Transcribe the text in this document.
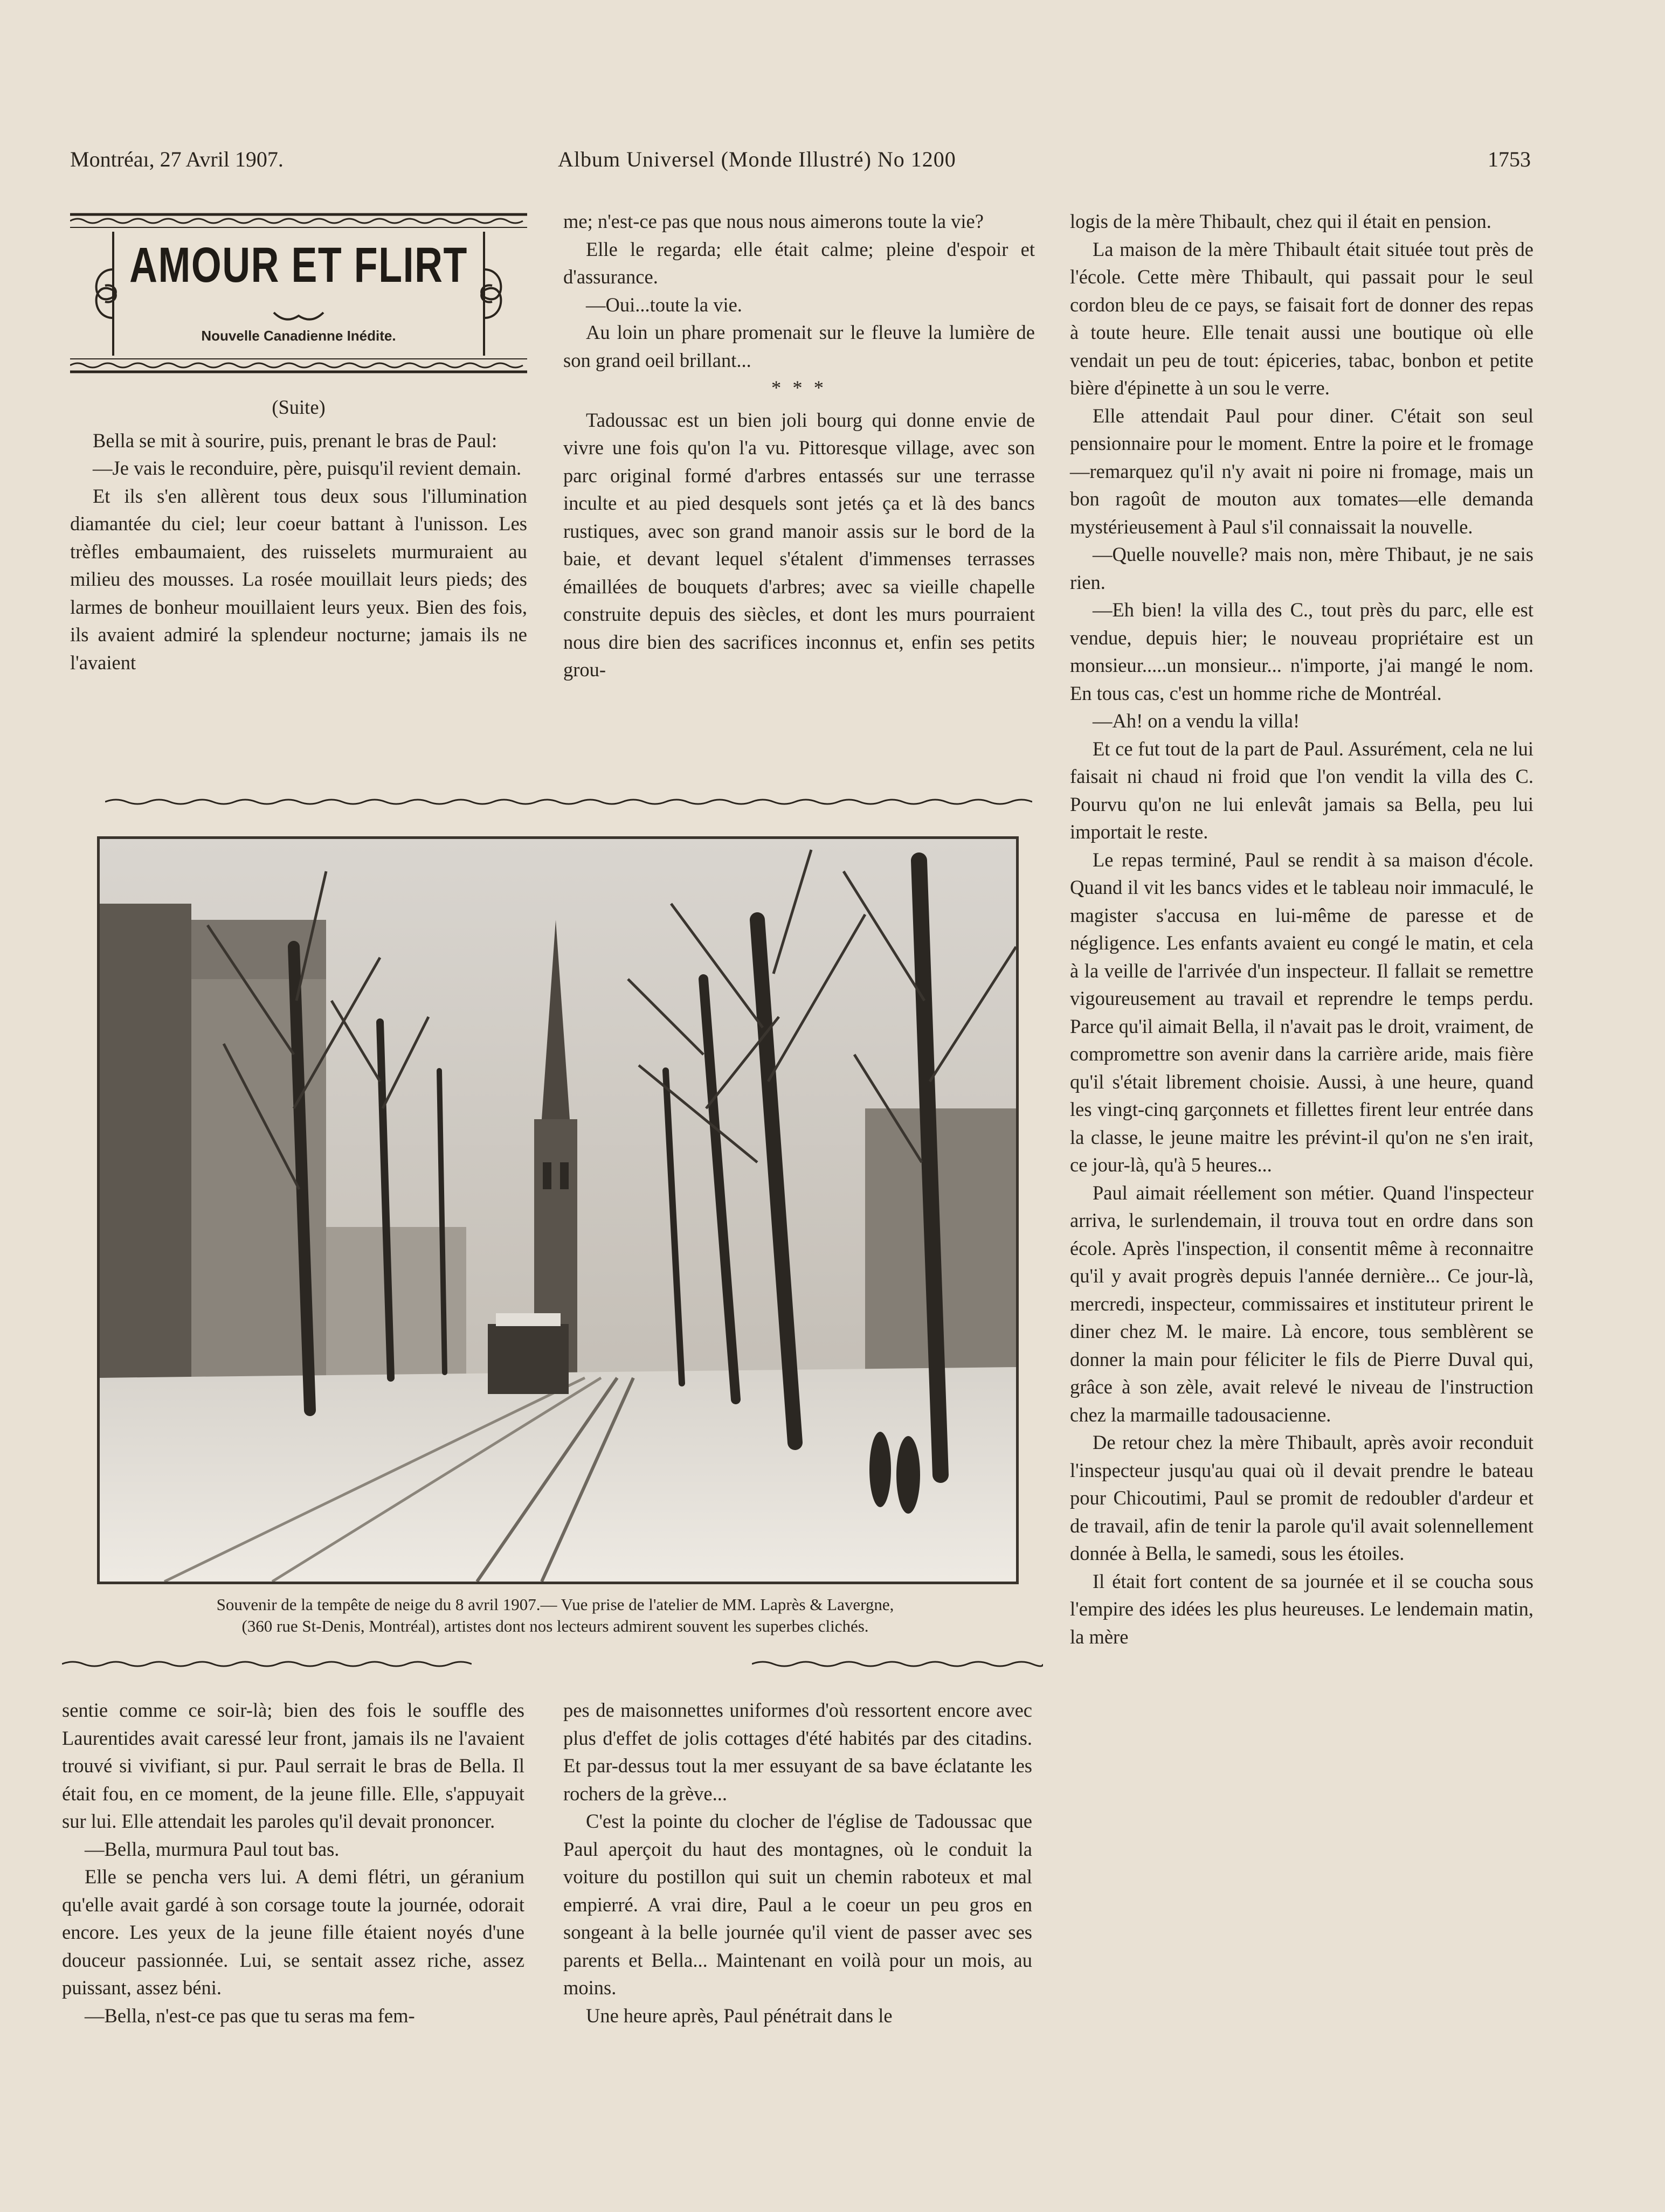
Montréaı, 27 Avril 1907.	Album Universel (Monde Illustré) No 1200	1753
AMOUR ET FLIRT
Nouvelle Canadienne Inédite.

(Suite)

Bella se mit à sourire, puis, prenant le bras de Paul:

—Je vais le reconduire, père, puisqu'il revient demain.

Et ils s'en allèrent tous deux sous l'illumination diamantée du ciel; leur coeur battant à l'unisson. Les trèfles embaumaient, des ruisselets murmuraient au milieu des mousses. La rosée mouillait leurs pieds; des larmes de bonheur mouillaient leurs yeux. Bien des fois, ils avaient admiré la splendeur nocturne; jamais ils ne l'avaient

me; n'est-ce pas que nous nous aimerons toute la vie?

Elle le regarda; elle était calme; pleine d'espoir et d'assurance.

—Oui...toute la vie.

Au loin un phare promenait sur le fleuve la lumière de son grand oeil brillant...

* * *

Tadoussac est un bien joli bourg qui donne envie de vivre une fois qu'on l'a vu. Pittoresque village, avec son parc original formé d'arbres entassés sur une terrasse inculte et au pied desquels sont jetés ça et là des bancs rustiques, avec son grand manoir assis sur le bord de la baie, et devant lequel s'étalent d'immenses terrasses émaillées de bouquets d'arbres; avec sa vieille chapelle construite depuis des siècles, et dont les murs pourraient nous dire bien des sacrifices inconnus et, enfin ses petits grou-

logis de la mère Thibault, chez qui il était en pension.

La maison de la mère Thibault était située tout près de l'école. Cette mère Thibault, qui passait pour le seul cordon bleu de ce pays, se faisait fort de donner des repas à toute heure. Elle tenait aussi une boutique où elle vendait un peu de tout: épiceries, tabac, bonbon et petite bière d'épinette à un sou le verre.

Elle attendait Paul pour diner. C'était son seul pensionnaire pour le moment. Entre la poire et le fromage—remarquez qu'il n'y avait ni poire ni fromage, mais un bon ragoût de mouton aux tomates—elle demanda mystérieusement à Paul s'il connaissait la nouvelle.

—Quelle nouvelle? mais non, mère Thibaut, je ne sais rien.

—Eh bien! la villa des C., tout près du parc, elle est vendue, depuis hier; le nouveau propriétaire est un monsieur.....un monsieur... n'importe, j'ai mangé le nom. En tous cas, c'est un homme riche de Montréal.

—Ah! on a vendu la villa!

Et ce fut tout de la part de Paul. Assurément, cela ne lui faisait ni chaud ni froid que l'on vendit la villa des C. Pourvu qu'on ne lui enlevât jamais sa Bella, peu lui importait le reste.

Le repas terminé, Paul se rendit à sa maison d'école. Quand il vit les bancs vides et le tableau noir immaculé, le magister s'accusa en lui-même de paresse et de négligence. Les enfants avaient eu congé le matin, et cela à la veille de l'arrivée d'un inspecteur. Il fallait se remettre vigoureusement au travail et reprendre le temps perdu. Parce qu'il aimait Bella, il n'avait pas le droit, vraiment, de compromettre son avenir dans la carrière aride, mais fière qu'il s'était librement choisie. Aussi, à une heure, quand les vingt-cinq garçonnets et fillettes firent leur entrée dans la classe, le jeune maitre les prévint-il qu'on ne s'en irait, ce jour-là, qu'à 5 heures...

Paul aimait réellement son métier. Quand l'inspecteur arriva, le surlendemain, il trouva tout en ordre dans son école. Après l'inspection, il consentit même à reconnaitre qu'il y avait progrès depuis l'année dernière... Ce jour-là, mercredi, inspecteur, commissaires et instituteur prirent le diner chez M. le maire. Là encore, tous semblèrent se donner la main pour féliciter le fils de Pierre Duval qui, grâce à son zèle, avait relevé le niveau de l'instruction chez la marmaille tadousacienne.

De retour chez la mère Thibault, après avoir reconduit l'inspecteur jusqu'au quai où il devait prendre le bateau pour Chicoutimi, Paul se promit de redoubler d'ardeur et de travail, afin de tenir la parole qu'il avait solennellement donnée à Bella, le samedi, sous les étoiles.

Il était fort content de sa journée et il se coucha sous l'empire des idées les plus heureuses. Le lendemain matin, la mère

Souvenir de la tempête de neige du 8 avril 1907.— Vue prise de l'atelier de MM. Laprès & Lavergne,
(360 rue St-Denis, Montréal), artistes dont nos lecteurs admirent souvent les superbes clichés.

sentie comme ce soir-là; bien des fois le souffle des Laurentides avait caressé leur front, jamais ils ne l'avaient trouvé si vivifiant, si pur. Paul serrait le bras de Bella. Il était fou, en ce moment, de la jeune fille. Elle, s'appuyait sur lui. Elle attendait les paroles qu'il devait prononcer.

—Bella, murmura Paul tout bas.

Elle se pencha vers lui. A demi flétri, un géranium qu'elle avait gardé à son corsage toute la journée, odorait encore. Les yeux de la jeune fille étaient noyés d'une douceur passionnée. Lui, se sentait assez riche, assez puissant, assez béni.

—Bella, n'est-ce pas que tu seras ma fem-

pes de maisonnettes uniformes d'où ressortent encore avec plus d'effet de jolis cottages d'été habités par des citadins. Et par-dessus tout la mer essuyant de sa bave éclatante les rochers de la grève...

C'est la pointe du clocher de l'église de Tadoussac que Paul aperçoit du haut des montagnes, où le conduit la voiture du postillon qui suit un chemin raboteux et mal empierré. A vrai dire, Paul a le coeur un peu gros en songeant à la belle journée qu'il vient de passer avec ses parents et Bella... Maintenant en voilà pour un mois, au moins.

Une heure après, Paul pénétrait dans le
